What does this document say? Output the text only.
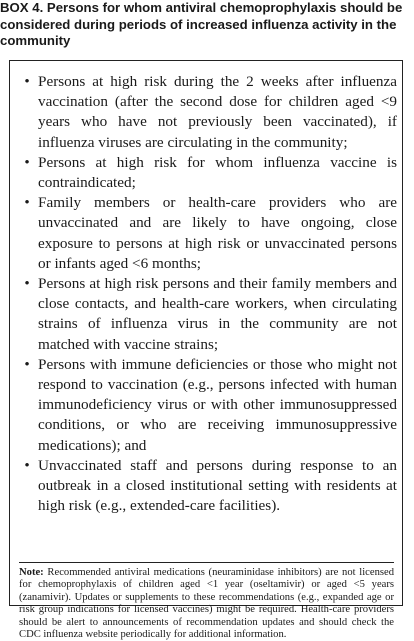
BOX 4. Persons for whom antiviral chemoprophylaxis should be considered during periods of increased influenza activity in the community
• Persons at high risk during the 2 weeks after influenza vaccination (after the second dose for children aged <9 years who have not previously been vaccinated), if influenza viruses are circulating in the community;
• Persons at high risk for whom influenza vaccine is contraindicated;
• Family members or health-care providers who are unvaccinated and are likely to have ongoing, close exposure to persons at high risk or unvaccinated persons or infants aged <6 months;
• Persons at high risk persons and their family members and close contacts, and health-care workers, when circulating strains of influenza virus in the community are not matched with vaccine strains;
• Persons with immune deficiencies or those who might not respond to vaccination (e.g., persons infected with human immunodeficiency virus or with other immunosuppressed conditions, or who are receiving immunosuppressive medications); and
• Unvaccinated staff and persons during response to an outbreak in a closed institutional setting with residents at high risk (e.g., extended-care facilities).

Note: Recommended antiviral medications (neuraminidase inhibitors) are not licensed for chemoprophylaxis of children aged <1 year (oseltamivir) or aged <5 years (zanamivir). Updates or supplements to these recommendations (e.g., expanded age or risk group indications for licensed vaccines) might be required. Health-care providers should be alert to announcements of recommendation updates and should check the CDC influenza website periodically for additional information.
